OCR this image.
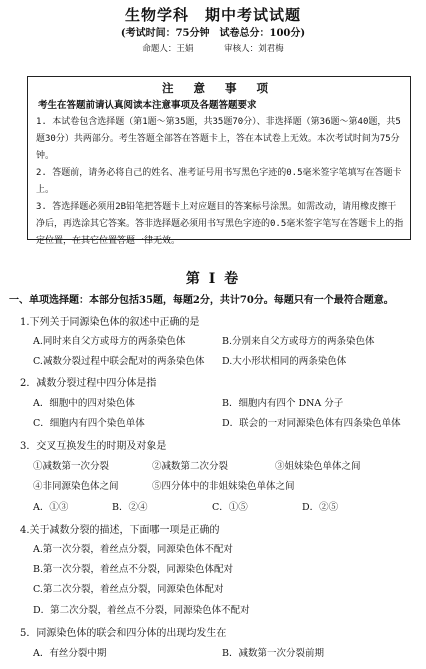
生物学科　期中考试试题
(考试时间：75分钟　试卷总分：100分)
命题人：王娟	审核人：刘君梅
注 意 事 项
考生在答题前请认真阅读本注意事项及各题答题要求

1. 本试卷包含选择题（第1题～第35题，共35题70分）、非选择题（第36题～第40题，共5题30分）共两部分。考生答题全部答在答题卡上，答在本试卷上无效。本次考试时间为75分钟。

2. 答题前，请务必将自己的姓名、准考证号用书写黑色字迹的0.5毫米签字笔填写在答题卡上。

3. 答选择题必须用2B铅笔把答题卡上对应题目的答案标号涂黑。如需改动，请用橡皮擦干净后，再选涂其它答案。答非选择题必须用书写黑色字迹的0.5毫米签字笔写在答题卡上的指定位置，在其它位置答题一律无效。

第 Ⅰ 卷
一、单项选择题：本部分包括35题，每题2分，共计70分。每题只有一个最符合题意。
1.下列关于同源染色体的叙述中正确的是
A.同时来自父方或母方的两条染色体	B.分别来自父方或母方的两条染色体
C.减数分裂过程中联会配对的两条染色体 D.大小形状相同的两条染色体
2．减数分裂过程中四分体是指
A．细胞中的四对染色体	B．细胞内有四个 DNA 分子
C．细胞内有四个染色单体	D．联会的一对同源染色体有四条染色单体
3．交叉互换发生的时期及对象是
①减数第一次分裂	②减数第二次分裂	③姐妹染色单体之间
④非同源染色体之间	⑤四分体中的非姐妹染色单体之间
A．①③	B．②④	C．①⑤	D．②⑤
4.关于减数分裂的描述，下面哪一项是正确的
A.第一次分裂，着丝点分裂，同源染色体不配对
B.第一次分裂，着丝点不分裂，同源染色体配对
C.第二次分裂，着丝点分裂，同源染色体配对
D．第二次分裂，着丝点不分裂，同源染色体不配对
5．同源染色体的联会和四分体的出现均发生在
A．有丝分裂中期	B．减数第一次分裂前期
